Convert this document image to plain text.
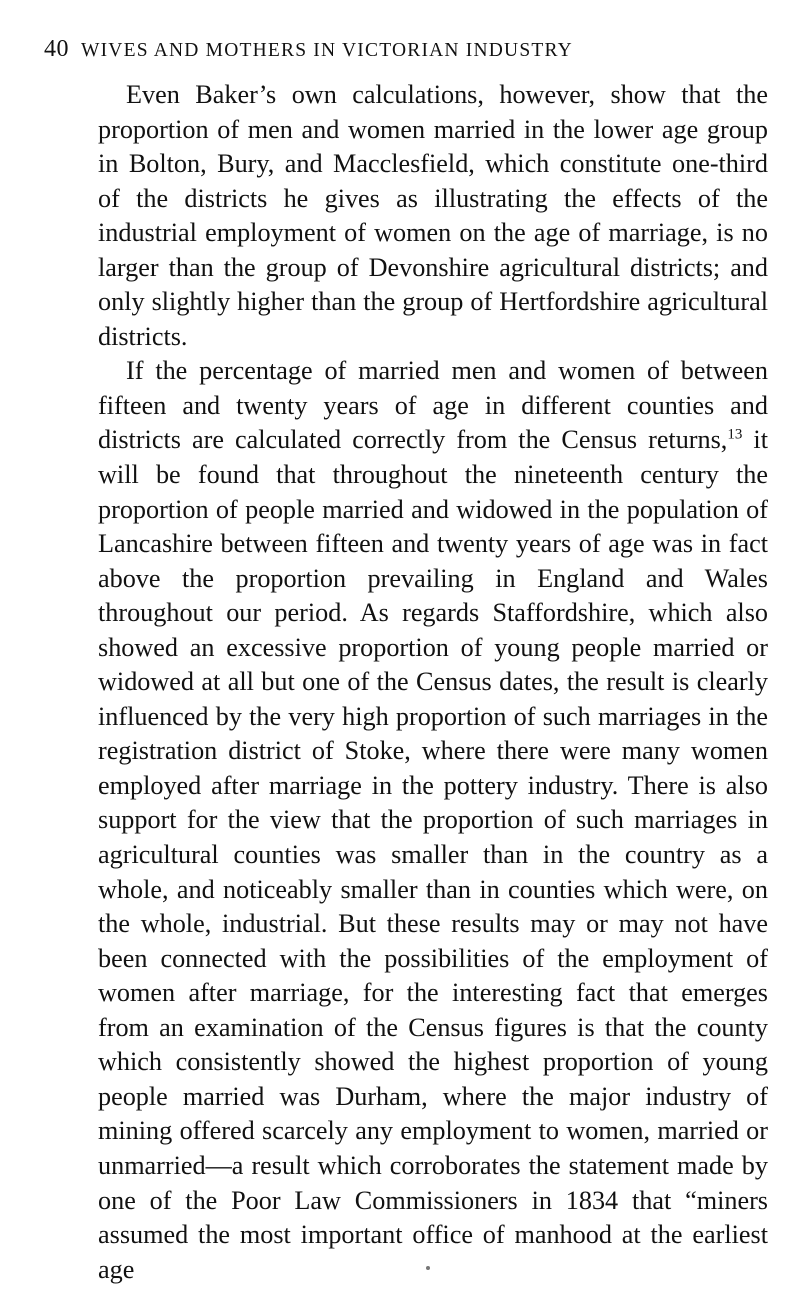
40 WIVES AND MOTHERS IN VICTORIAN INDUSTRY

Even Baker’s own calculations, however, show that the proportion of men and women married in the lower age group in Bolton, Bury, and Macclesfield, which constitute one-third of the districts he gives as illustrating the effects of the industrial employment of women on the age of marriage, is no larger than the group of Devonshire agricultural districts; and only slightly higher than the group of Hertfordshire agricultural districts.

If the percentage of married men and women of between fifteen and twenty years of age in different counties and districts are calculated correctly from the Census returns,$^{13}$ it will be found that throughout the nineteenth century the proportion of people married and widowed in the population of Lancashire between fifteen and twenty years of age was in fact above the proportion prevailing in England and Wales throughout our period. As regards Staffordshire, which also showed an excessive proportion of young people married or widowed at all but one of the Census dates, the result is clearly influenced by the very high proportion of such marriages in the registration district of Stoke, where there were many women employed after marriage in the pottery industry. There is also support for the view that the proportion of such marriages in agricultural counties was smaller than in the country as a whole, and noticeably smaller than in counties which were, on the whole, industrial. But these results may or may not have been connected with the possibilities of the employment of women after marriage, for the interesting fact that emerges from an examination of the Census figures is that the county which consistently showed the highest proportion of young people married was Durham, where the major industry of mining offered scarcely any employment to women, married or unmarried—a result which corroborates the statement made by one of the Poor Law Commissioners in 1834 that “miners assumed the most important office of manhood at the earliest age
